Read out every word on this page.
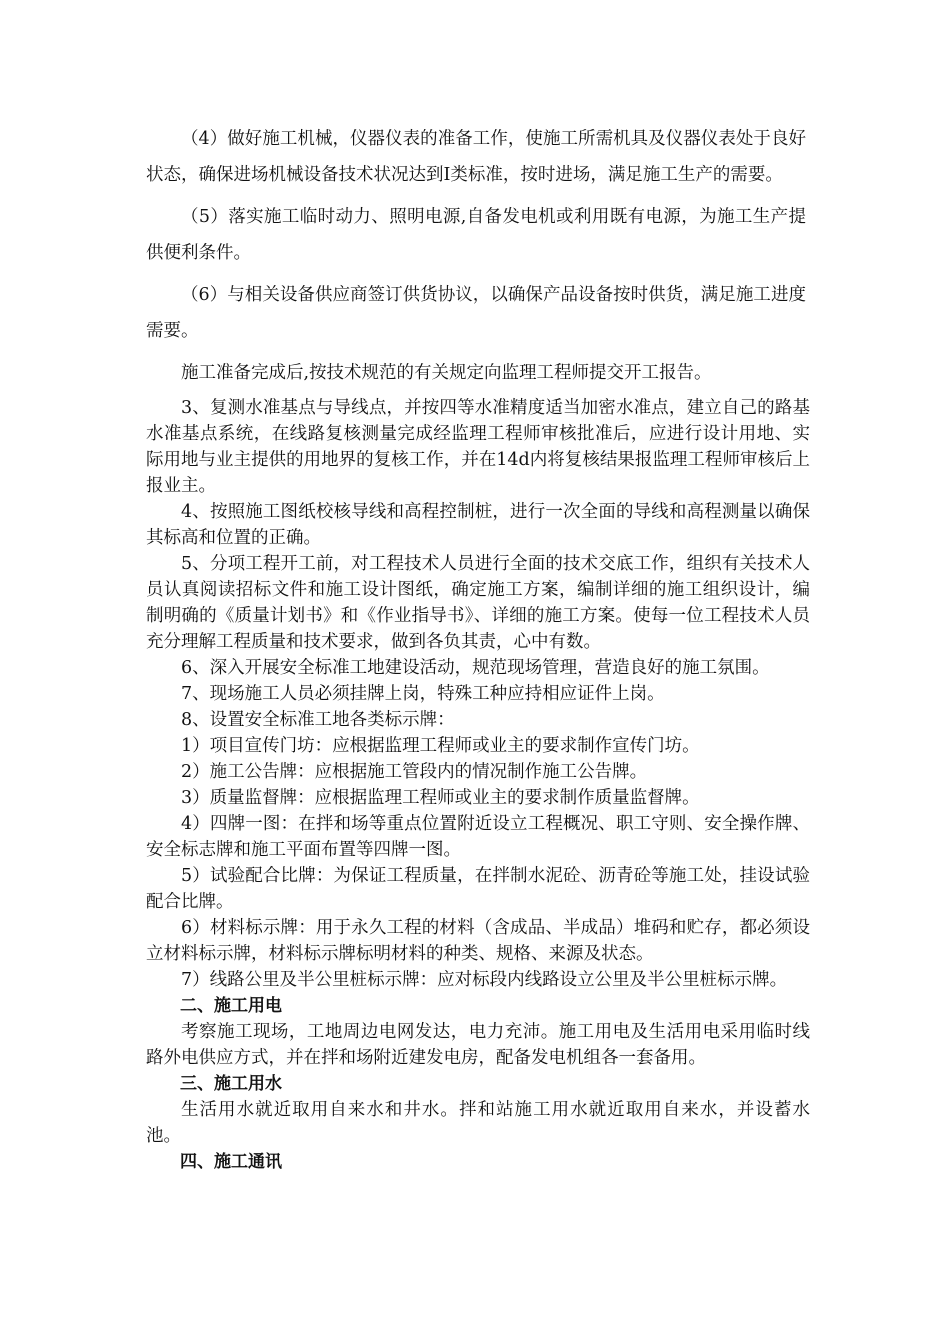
（4）做好施工机械，仪器仪表的准备工作，使施工所需机具及仪器仪表处于良好状态，确保进场机械设备技术状况达到Ⅰ类标准，按时进场，满足施工生产的需要。

（5）落实施工临时动力、照明电源,自备发电机或利用既有电源，为施工生产提供便利条件。

（6）与相关设备供应商签订供货协议，以确保产品设备按时供货，满足施工进度需要。

施工准备完成后,按技术规范的有关规定向监理工程师提交开工报告。

3、复测水准基点与导线点，并按四等水准精度适当加密水准点，建立自己的路基水准基点系统，在线路复核测量完成经监理工程师审核批准后，应进行设计用地、实际用地与业主提供的用地界的复核工作，并在14d内将复核结果报监理工程师审核后上报业主。

4、按照施工图纸校核导线和高程控制桩，进行一次全面的导线和高程测量以确保其标高和位置的正确。

5、分项工程开工前，对工程技术人员进行全面的技术交底工作，组织有关技术人员认真阅读招标文件和施工设计图纸，确定施工方案，编制详细的施工组织设计，编制明确的《质量计划书》和《作业指导书》、详细的施工方案。使每一位工程技术人员充分理解工程质量和技术要求，做到各负其责，心中有数。

6、深入开展安全标准工地建设活动，规范现场管理，营造良好的施工氛围。

7、现场施工人员必须挂牌上岗，特殊工种应持相应证件上岗。

8、设置安全标准工地各类标示牌：

1）项目宣传门坊：应根据监理工程师或业主的要求制作宣传门坊。

2）施工公告牌：应根据施工管段内的情况制作施工公告牌。

3）质量监督牌：应根据监理工程师或业主的要求制作质量监督牌。

4）四牌一图：在拌和场等重点位置附近设立工程概况、职工守则、安全操作牌、安全标志牌和施工平面布置等四牌一图。

5）试验配合比牌：为保证工程质量，在拌制水泥砼、沥青砼等施工处，挂设试验配合比牌。

6）材料标示牌：用于永久工程的材料（含成品、半成品）堆码和贮存，都必须设立材料标示牌，材料标示牌标明材料的种类、规格、来源及状态。

7）线路公里及半公里桩标示牌：应对标段内线路设立公里及半公里桩标示牌。

二、施工用电

考察施工现场，工地周边电网发达，电力充沛。施工用电及生活用电采用临时线路外电供应方式，并在拌和场附近建发电房，配备发电机组各一套备用。

三、施工用水

生活用水就近取用自来水和井水。拌和站施工用水就近取用自来水，并设蓄水池。

四、施工通讯
